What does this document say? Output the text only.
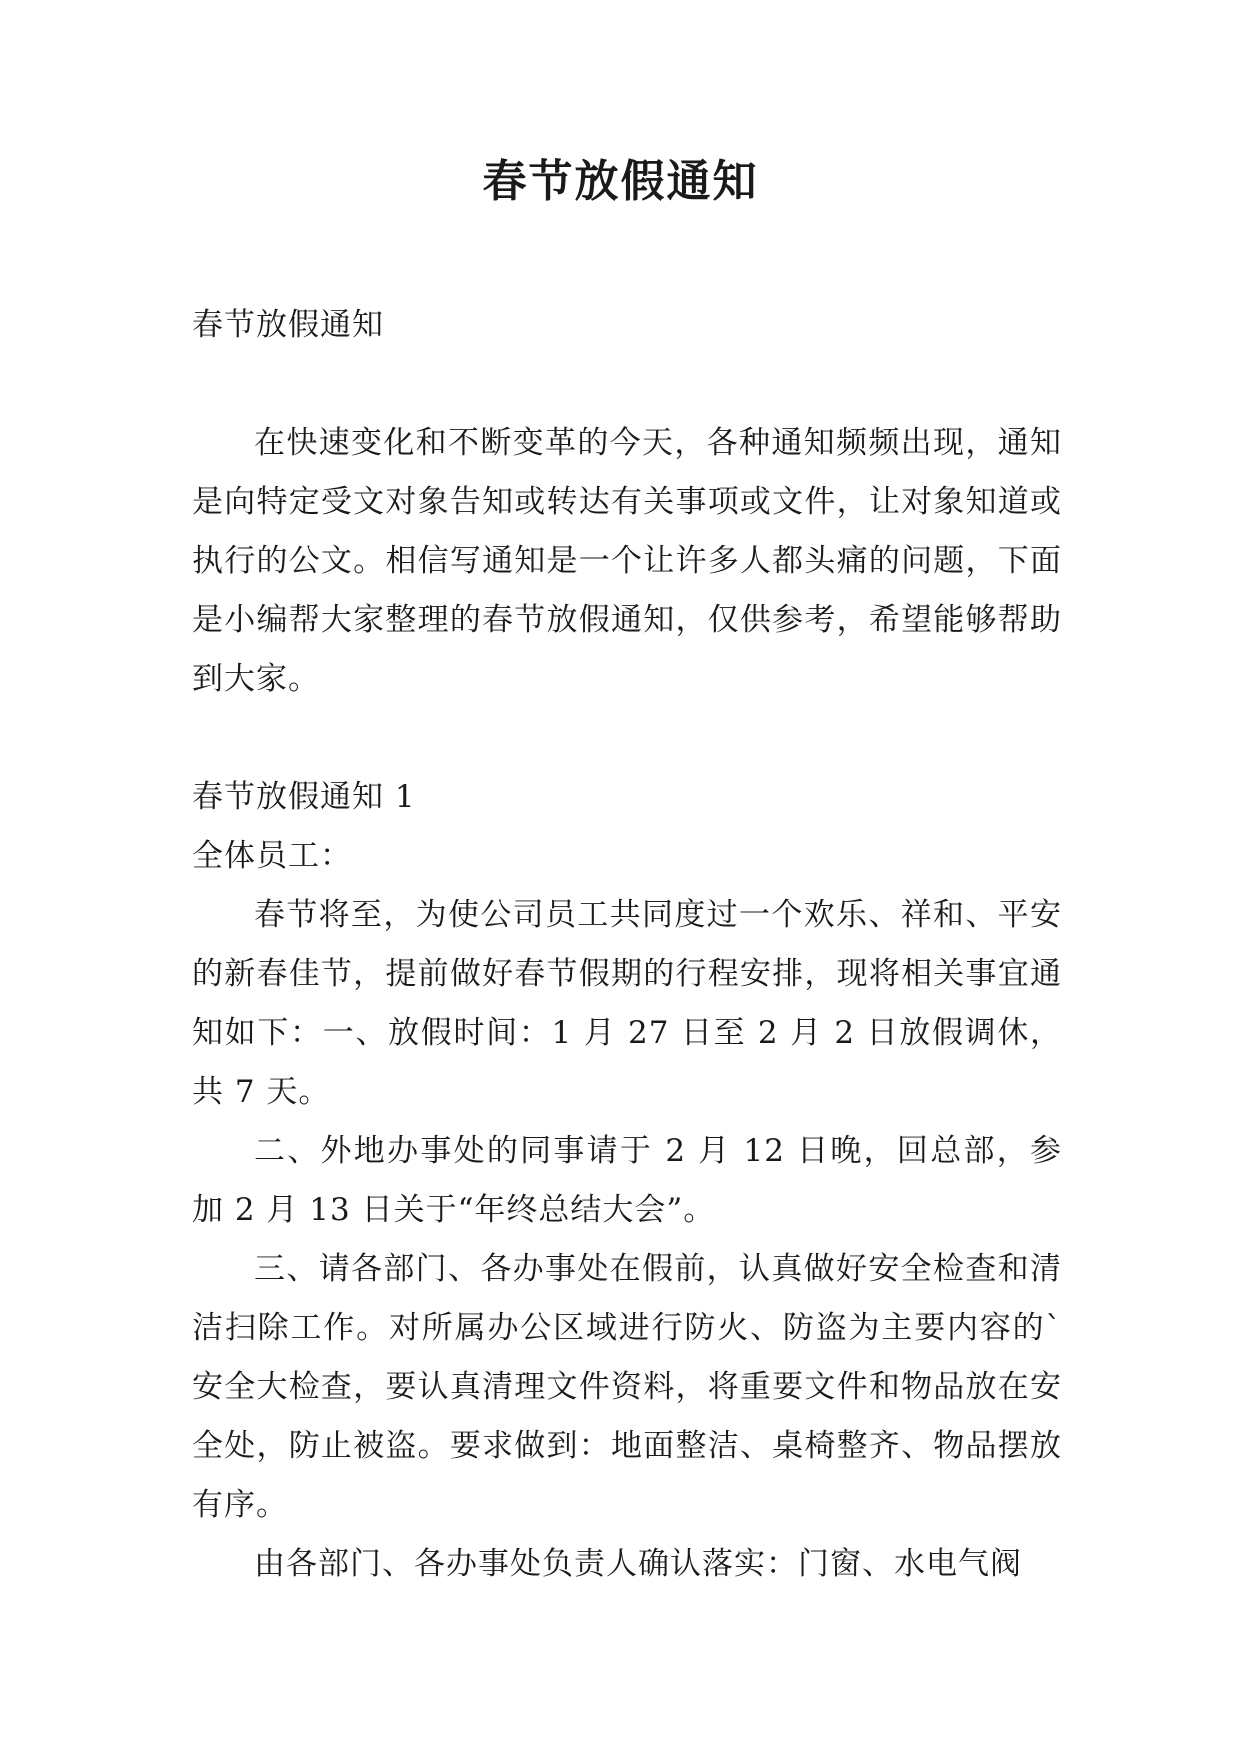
春节放假通知

春节放假通知

在快速变化和不断变革的今天，各种通知频频出现，通知是向特定受文对象告知或转达有关事项或文件，让对象知道或执行的公文。相信写通知是一个让许多人都头痛的问题，下面是小编帮大家整理的春节放假通知，仅供参考，希望能够帮助到大家。

春节放假通知 1

全体员工：

春节将至，为使公司员工共同度过一个欢乐、祥和、平安的新春佳节，提前做好春节假期的行程安排，现将相关事宜通知如下：一、放假时间：1 月 27 日至 2 月 2 日放假调休，共 7 天。

二、外地办事处的同事请于 2 月 12 日晚，回总部，参加 2 月 13 日关于“年终总结大会”。

三、请各部门、各办事处在假前，认真做好安全检查和清洁扫除工作。对所属办公区域进行防火、防盗为主要内容的`安全大检查，要认真清理文件资料，将重要文件和物品放在安全处，防止被盗。要求做到：地面整洁、桌椅整齐、物品摆放有序。

由各部门、各办事处负责人确认落实：门窗、水电气阀
